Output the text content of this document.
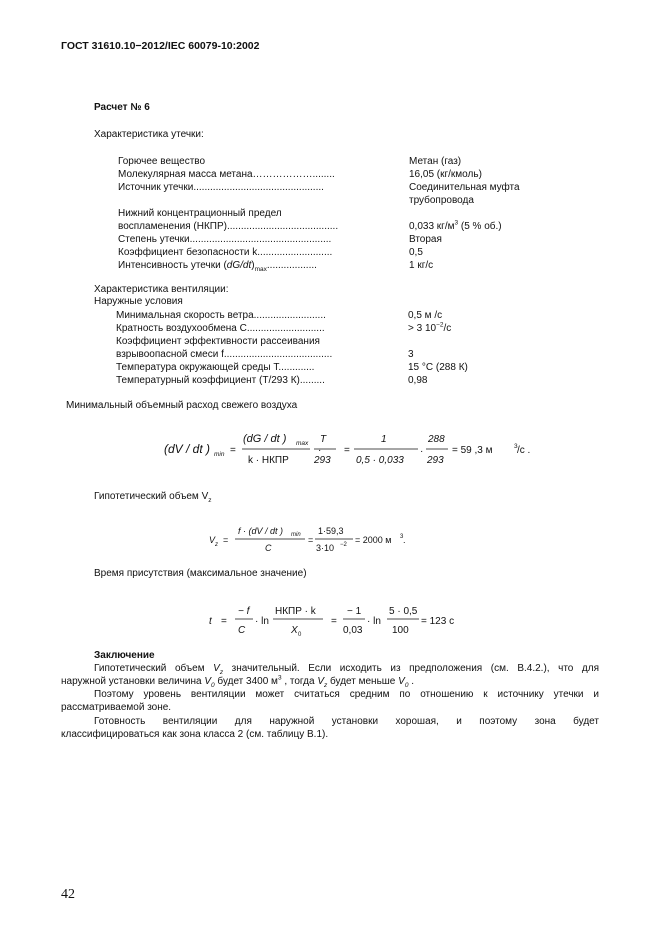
ГОСТ 31610.10−2012/IEC 60079-10:2002
Расчет № 6
Характеристика утечки:
Горючее вещество	Метан (газ)
Молекулярная масса метана………………........	16,05 (кг/кмоль)
Источник утечки...............................................	Соединительная муфта
трубопровода
Нижний концентрационный предел
воспламенения (НКПР)........................................	0,033 $кг/м^3$ (5 % об.)
Степень утечки...................................................	Вторая
Коэффициент безопасности k...........................	0,5
Интенсивность утечки $(dG/dt)_{max}$..................	1 кг/с
Характеристика вентиляции:
Наружные условия
Минимальная скорость ветра..........................	0,5 м /с
Кратность воздухообмена C............................	> 3 $10^{-2}/с$
Коэффициент эффективности рассеивания
взрывоопасной смеси f.......................................	3
Температура окружающей среды T.............	15 °C (288 К)
Температурный коэффициент (T/293 К).........	0,98
Минимальный объемный расход свежего воздуха
(dV / dt ) min =
(dG / dt ) max
k · НКПР
·
T
293
=
1
0,5 · 0,033
·
288
293
= 59 ,3 м	3 /с .
Гипотетический объем $V_z$
V z =
f · (dV / dt ) min
C
=
1·59,3
3·10 −2 = 2000 м 3 .
Время присутствия (максимальное значение)
t =
− f
C
· ln
НКПР · k
X 0
=
− 1
0,03
· ln
5 · 0,5
100
= 123 с
Заключение
Гипотетический объем $V_z$ значительный. Если исходить из предположения (см. В.4.2.), что для
наружной установки величина $V_0$ будет 3400 $м^3$ , тогда $V_z$ будет меньше $V_0$ .
Поэтому уровень вентиляции может считаться средним по отношению к источнику утечки и
рассматриваемой зоне.
Готовность вентиляции для наружной установки хорошая, и поэтому зона будет
классифицироваться как зона класса 2 (см. таблицу В.1).
42
